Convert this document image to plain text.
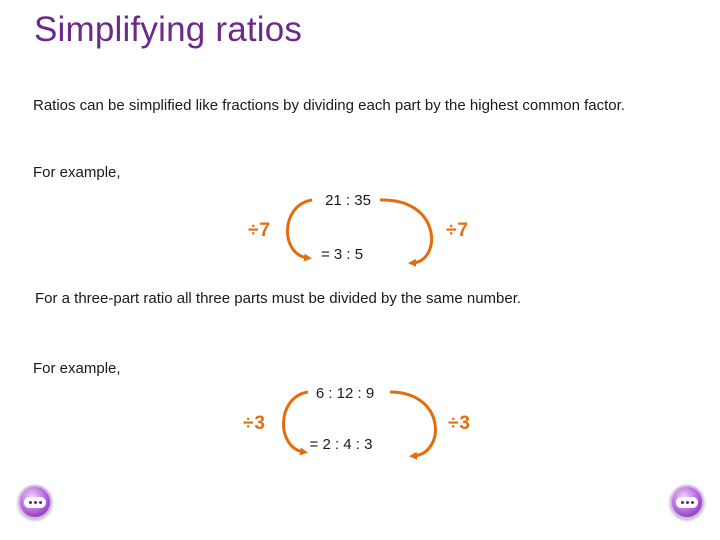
Simplifying ratios
Ratios can be simplified like fractions by dividing each part by the highest common factor.
For example,
21 : 35
= 3 : 5
÷7	÷7
For a three-part ratio all three parts must be divided by the same number.
For example,
6 : 12 : 9
= 2 : 4 : 3
÷3	÷3
